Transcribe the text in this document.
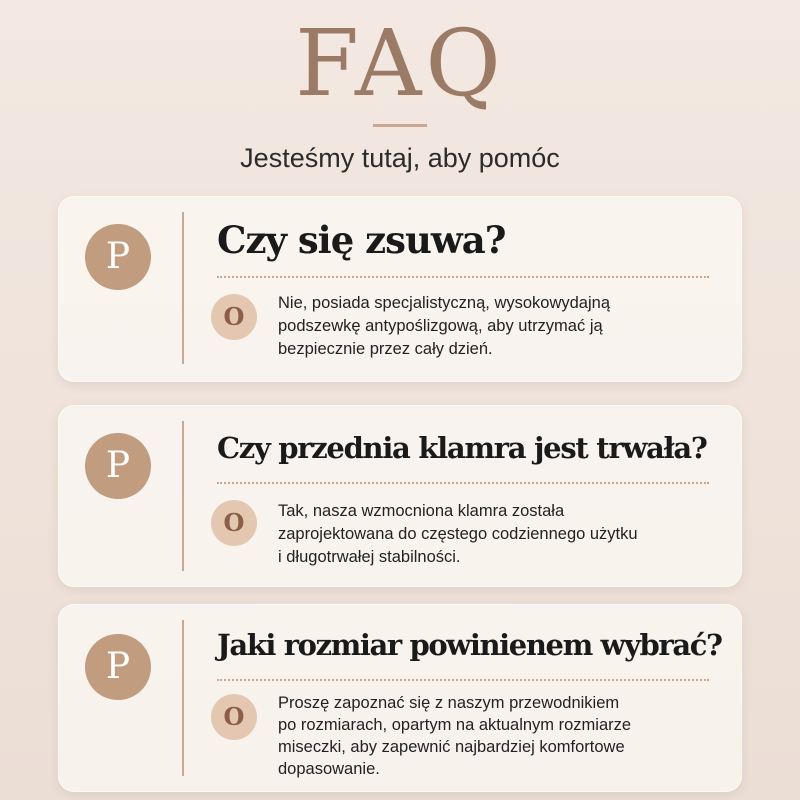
FAQ
Jesteśmy tutaj, aby pomóc
P	Czy się zsuwa?
O	Nie, posiada specjalistyczną, wysokowydajną
podszewkę antypoślizgową, aby utrzymać ją
bezpiecznie przez cały dzień.
P	Czy przednia klamra jest trwała?
O	Tak, nasza wzmocniona klamra została
zaprojektowana do częstego codziennego użytku
i długotrwałej stabilności.
P
Jaki rozmiar powinienem wybrać?
O	Proszę zapoznać się z naszym przewodnikiem
po rozmiarach, opartym na aktualnym rozmiarze
miseczki, aby zapewnić najbardziej komfortowe
dopasowanie.
